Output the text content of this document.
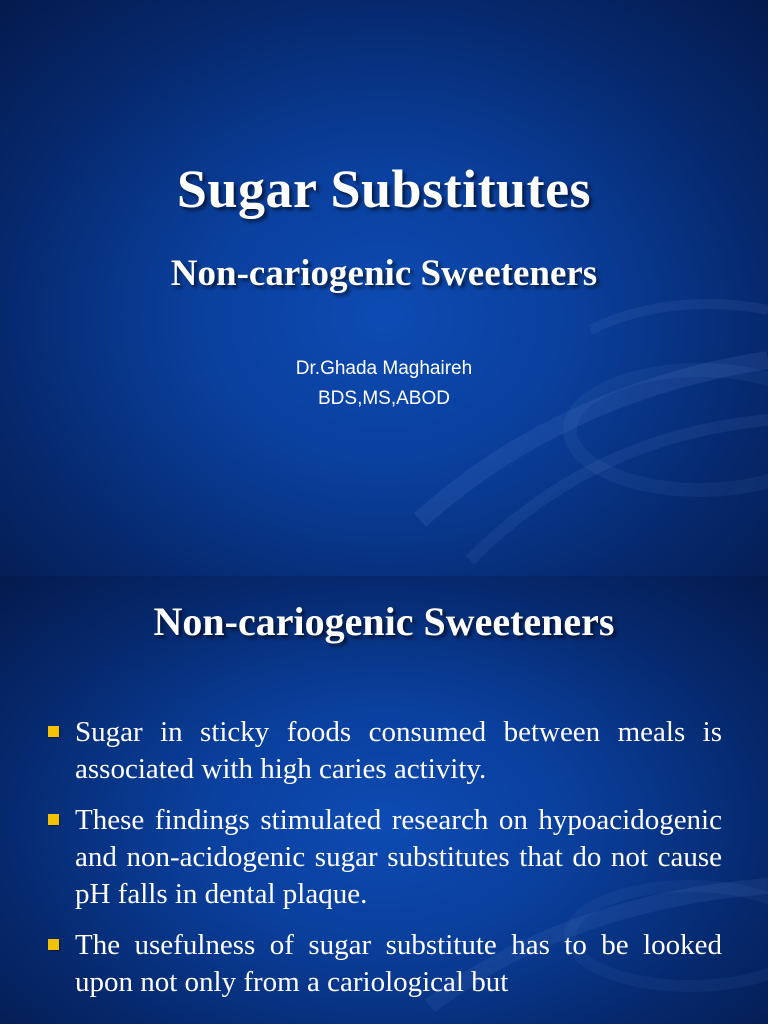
Sugar Substitutes
Non-cariogenic Sweeteners
Dr.Ghada Maghaireh
BDS,MS,ABOD
Non-cariogenic Sweeteners
Sugar in sticky foods consumed between meals is associated with high caries activity.
These findings stimulated research on hypoacidogenic and non-acidogenic sugar substitutes that do not cause pH falls in dental plaque.
The usefulness of sugar substitute has to be looked upon not only from a cariological but
